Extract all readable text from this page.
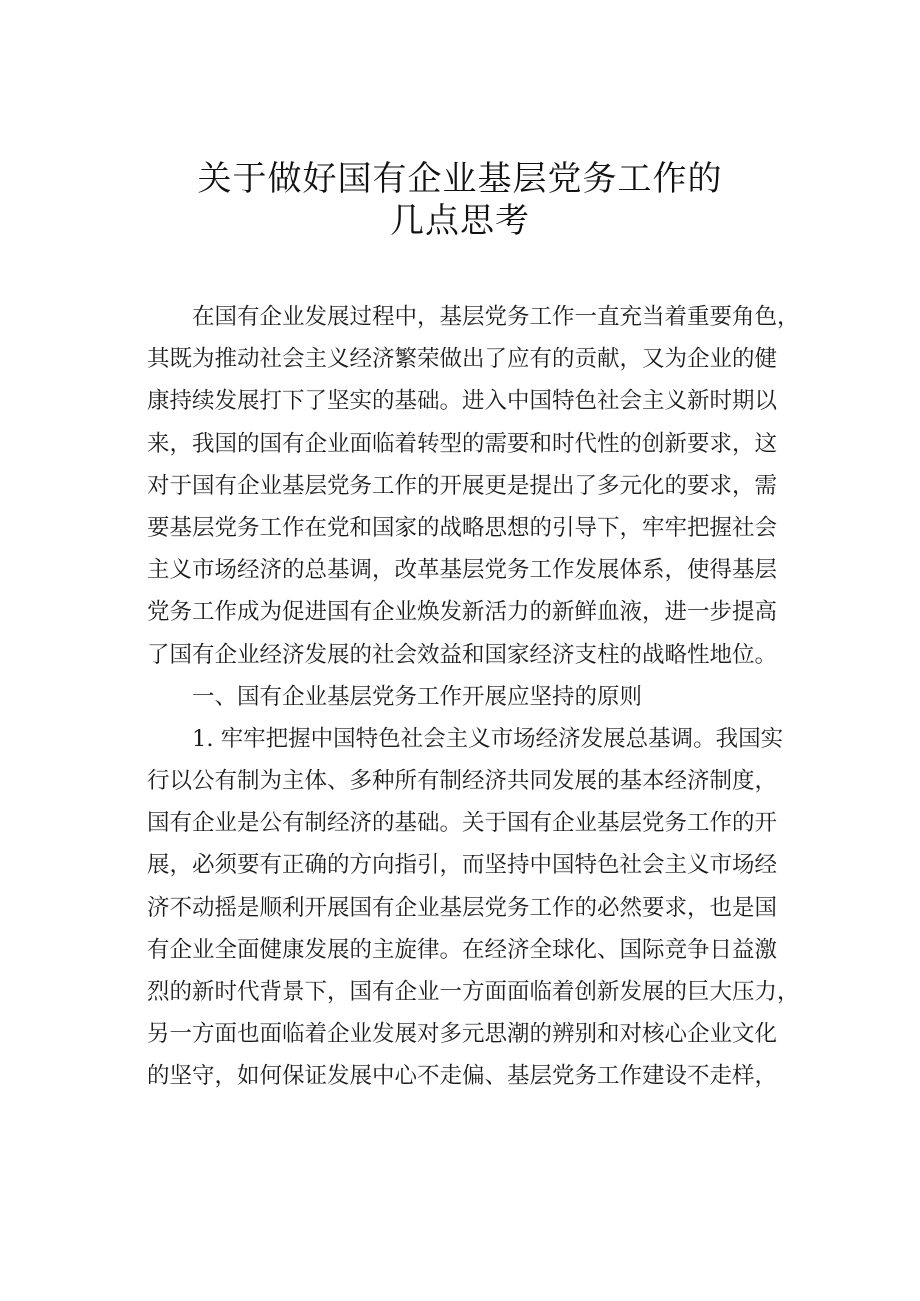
关于做好国有企业基层党务工作的
几点思考
在国有企业发展过程中，基层党务工作一直充当着重要角色，
其既为推动社会主义经济繁荣做出了应有的贡献，又为企业的健
康持续发展打下了坚实的基础。进入中国特色社会主义新时期以
来，我国的国有企业面临着转型的需要和时代性的创新要求，这
对于国有企业基层党务工作的开展更是提出了多元化的要求，需
要基层党务工作在党和国家的战略思想的引导下，牢牢把握社会
主义市场经济的总基调，改革基层党务工作发展体系，使得基层
党务工作成为促进国有企业焕发新活力的新鲜血液，进一步提高
了国有企业经济发展的社会效益和国家经济支柱的战略性地位。
一、国有企业基层党务工作开展应坚持的原则
1. 牢牢把握中国特色社会主义市场经济发展总基调。我国实
行以公有制为主体、多种所有制经济共同发展的基本经济制度，
国有企业是公有制经济的基础。关于国有企业基层党务工作的开
展，必须要有正确的方向指引，而坚持中国特色社会主义市场经
济不动摇是顺利开展国有企业基层党务工作的必然要求，也是国
有企业全面健康发展的主旋律。在经济全球化、国际竞争日益激
烈的新时代背景下，国有企业一方面面临着创新发展的巨大压力，
另一方面也面临着企业发展对多元思潮的辨别和对核心企业文化
的坚守，如何保证发展中心不走偏、基层党务工作建设不走样，
